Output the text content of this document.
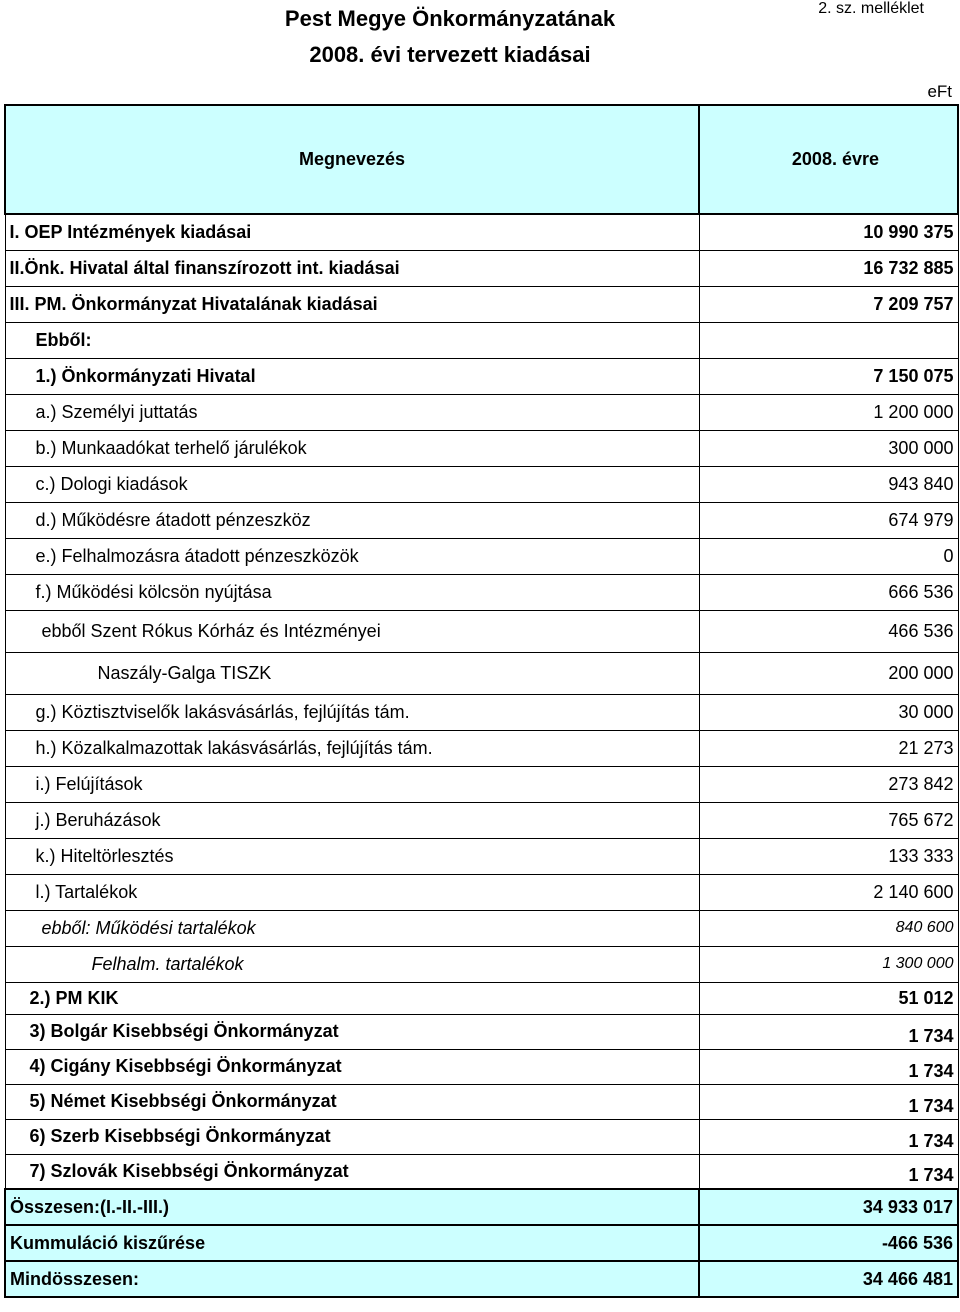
Pest Megye Önkormányzatának
2008. évi tervezett kiadásai
2. sz. melléklet
eFt
Megnevezés	2008. évre
I. OEP Intézmények kiadásai	10 990 375
II.Önk. Hivatal által finanszírozott int. kiadásai	16 732 885
III. PM. Önkormányzat Hivatalának kiadásai	7 209 757
Ebből:	
1.) Önkormányzati Hivatal	7 150 075
a.) Személyi juttatás	1 200 000
b.) Munkaadókat terhelő járulékok	300 000
c.) Dologi kiadások	943 840
d.) Működésre átadott pénzeszköz	674 979
e.) Felhalmozásra átadott pénzeszközök	0
f.) Működési kölcsön nyújtása	666 536
ebből Szent Rókus Kórház és Intézményei	466 536
Naszály-Galga TISZK	200 000
g.) Köztisztviselők lakásvásárlás, fejlújítás tám.	30 000
h.) Közalkalmazottak lakásvásárlás, fejlújítás tám.	21 273
i.) Felújítások	273 842
j.) Beruházások	765 672
k.) Hiteltörlesztés	133 333
l.) Tartalékok	2 140 600
ebből: Működési tartalékok	840 600
Felhalm. tartalékok	1 300 000
2.) PM KIK	51 012
3) Bolgár Kisebbségi Önkormányzat	1 734
4) Cigány Kisebbségi Önkormányzat	1 734
5) Német Kisebbségi Önkormányzat	1 734
6) Szerb Kisebbségi Önkormányzat	1 734
7) Szlovák Kisebbségi Önkormányzat	1 734
Összesen:(I.-II.-III.)	34 933 017
Kummuláció kiszűrése	-466 536
Mindösszesen:	34 466 481
